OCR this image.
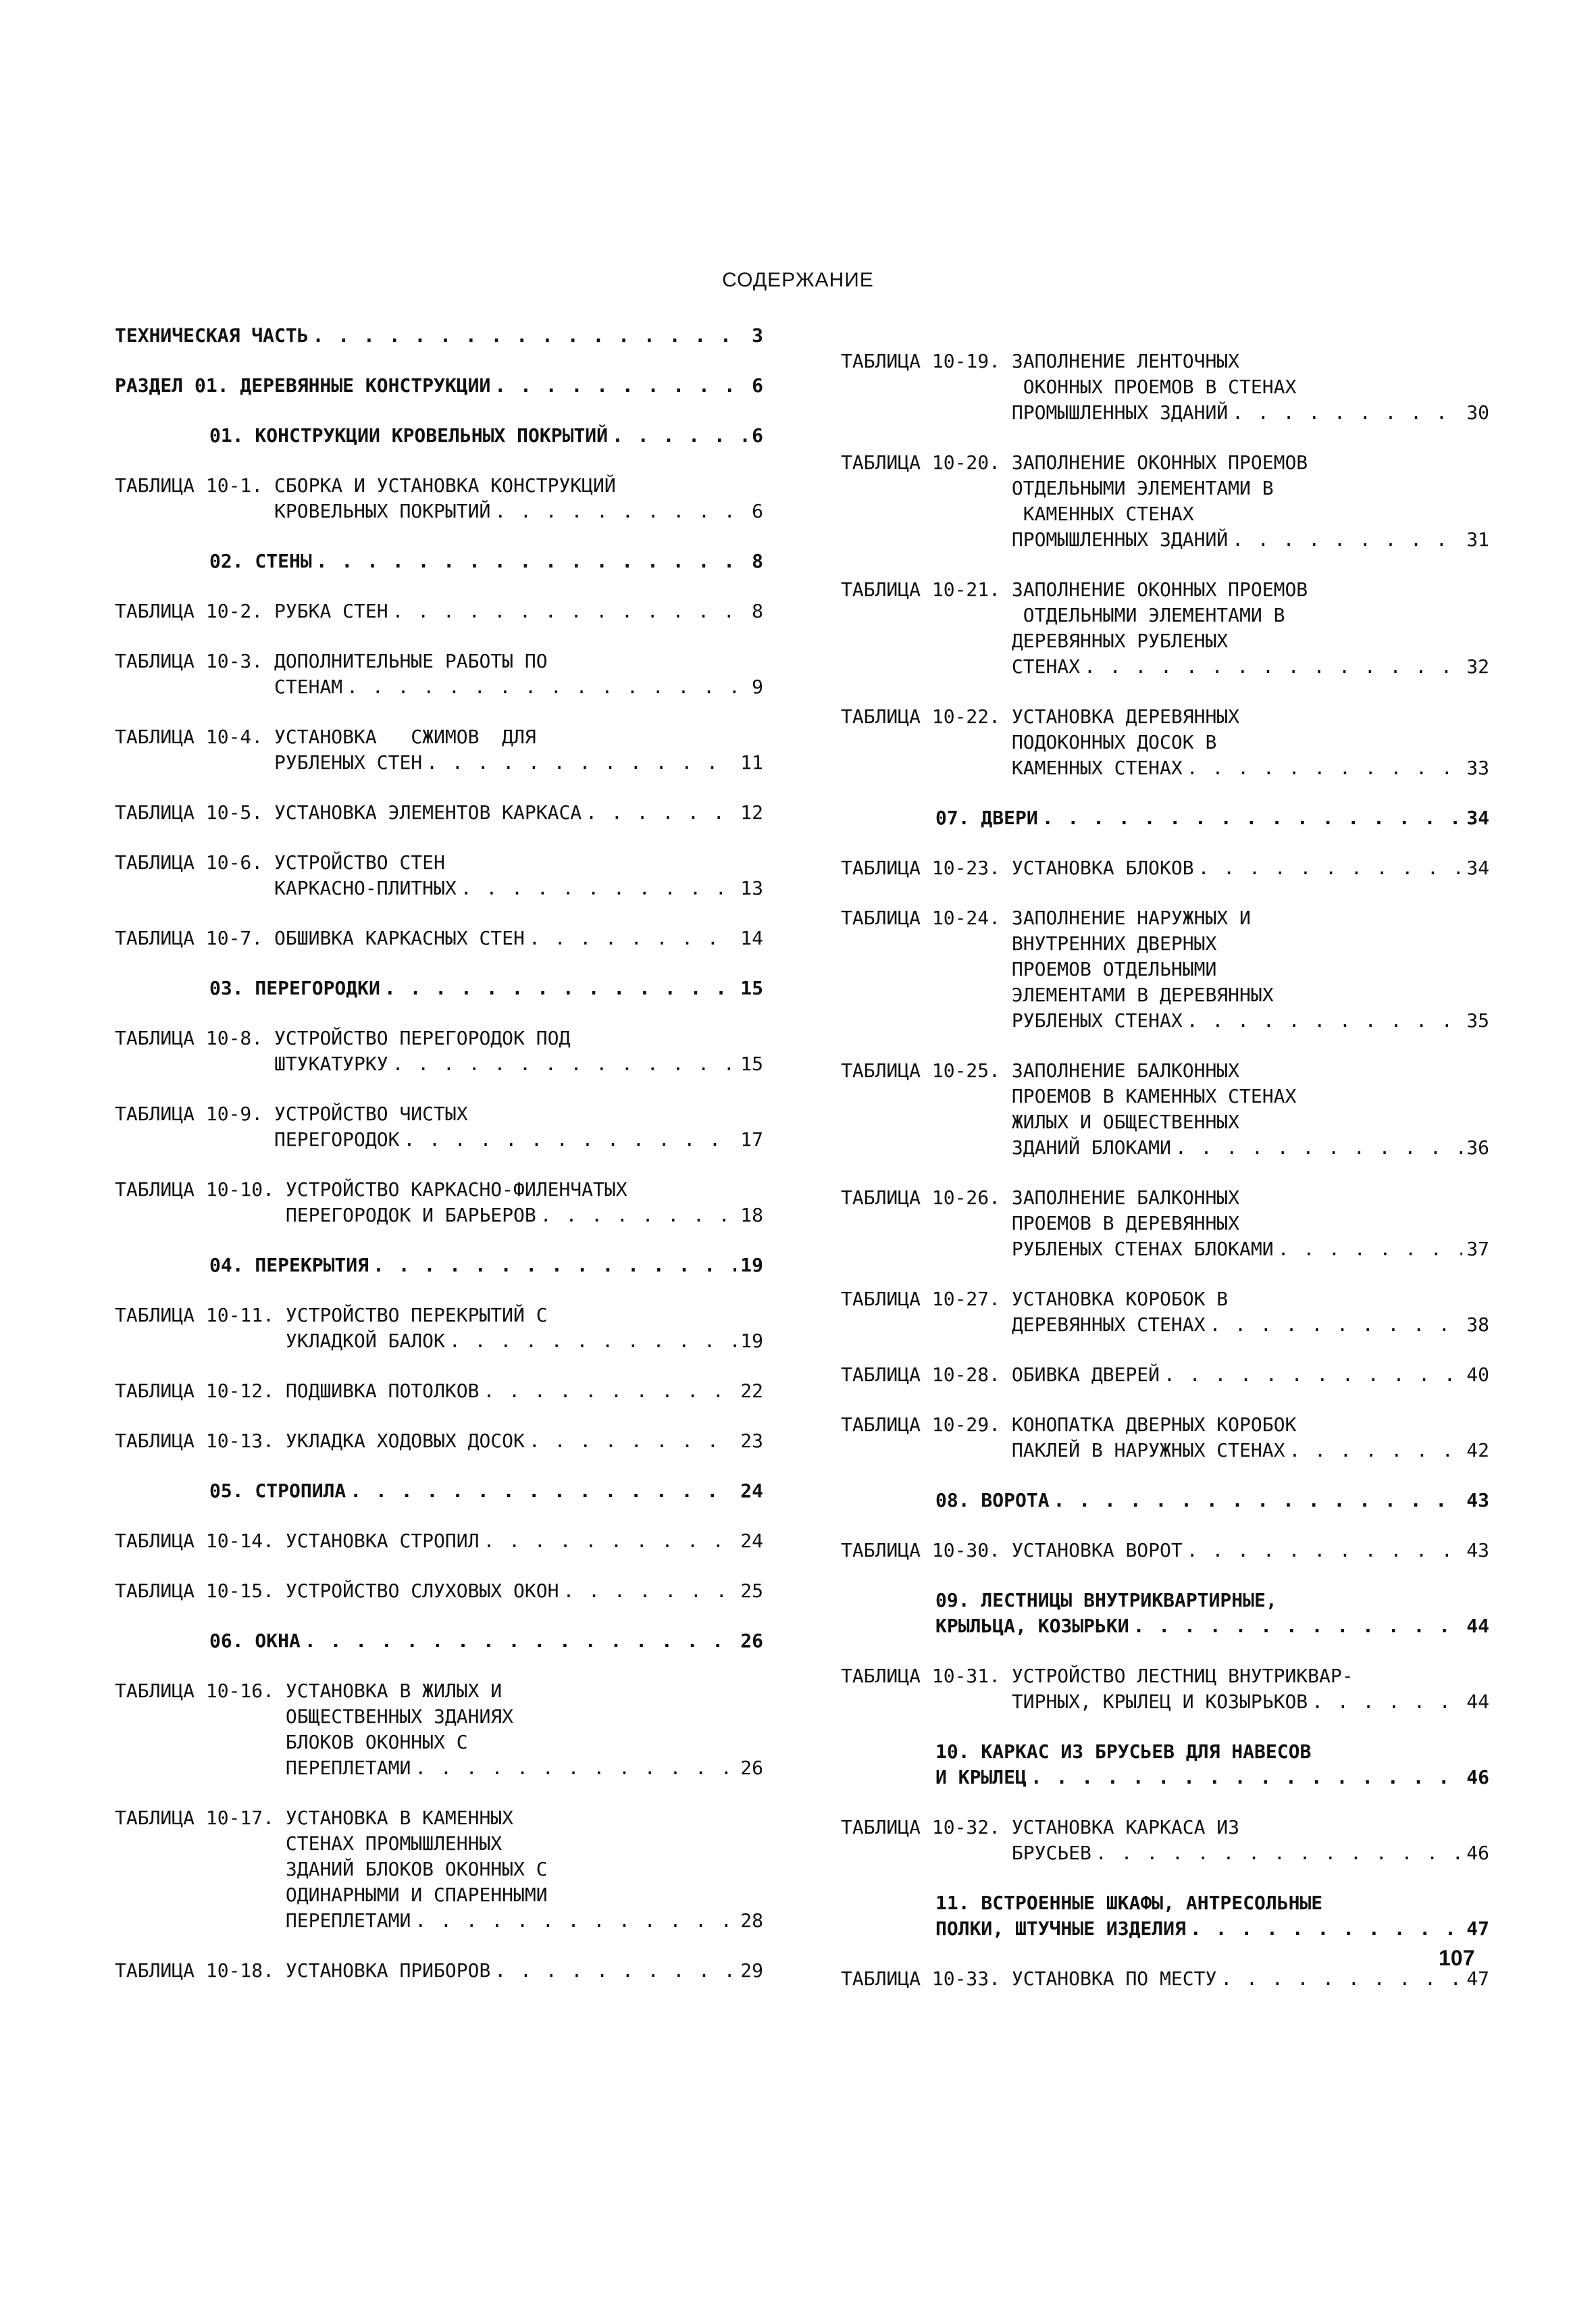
СОДЕРЖАНИЕ
ТЕХНИЧЕСКАЯ ЧАСТЬ . . .	3
РАЗДЕЛ 01. ДЕРЕВЯННЫЕ КОНСТРУКЦИИ . . .	6
01. КОНСТРУКЦИИ КРОВЕЛЬНЫХ ПОКРЫТИЙ . . .	6
ТАБЛИЦА 10-1. СБОРКА И УСТАНОВКА КОНСТРУКЦИЙ
КРОВЕЛЬНЫХ ПОКРЫТИЙ . . .	6
02. СТЕНЫ . . .	8
ТАБЛИЦА 10-2. РУБКА СТЕН . . .	8
ТАБЛИЦА 10-3. ДОПОЛНИТЕЛЬНЫЕ РАБОТЫ ПО
СТЕНАМ . . .	9
ТАБЛИЦА 10-4. УСТАНОВКА   СЖИМОВ  ДЛЯ
РУБЛЕНЫХ СТЕН . . .	11
ТАБЛИЦА 10-5. УСТАНОВКА ЭЛЕМЕНТОВ КАРКАСА . . .	12
ТАБЛИЦА 10-6. УСТРОЙСТВО СТЕН
КАРКАСНО-ПЛИТНЫХ . . .	13
ТАБЛИЦА 10-7. ОБШИВКА КАРКАСНЫХ СТЕН . . .	14
03. ПЕРЕГОРОДКИ . . .	15
ТАБЛИЦА 10-8. УСТРОЙСТВО ПЕРЕГОРОДОК ПОД
ШТУКАТУРКУ . . .	15
ТАБЛИЦА 10-9. УСТРОЙСТВО ЧИСТЫХ
ПЕРЕГОРОДОК . . .	17
ТАБЛИЦА 10-10. УСТРОЙСТВО КАРКАСНО-ФИЛЕНЧАТЫХ
ПЕРЕГОРОДОК И БАРЬЕРОВ . . .	18
04. ПЕРЕКРЫТИЯ . . .	19
ТАБЛИЦА 10-11. УСТРОЙСТВО ПЕРЕКРЫТИЙ С
УКЛАДКОЙ БАЛОК . . .	19
ТАБЛИЦА 10-12. ПОДШИВКА ПОТОЛКОВ . . .	22
ТАБЛИЦА 10-13. УКЛАДКА ХОДОВЫХ ДОСОК . . .	23
05. СТРОПИЛА . . .	24
ТАБЛИЦА 10-14. УСТАНОВКА СТРОПИЛ . . .	24
ТАБЛИЦА 10-15. УСТРОЙСТВО СЛУХОВЫХ ОКОН . . .	25
06. ОКНА . . .	26
ТАБЛИЦА 10-16. УСТАНОВКА В ЖИЛЫХ И
ОБЩЕСТВЕННЫХ ЗДАНИЯХ
БЛОКОВ ОКОННЫХ С
ПЕРЕПЛЕТАМИ . . .	26
ТАБЛИЦА 10-17. УСТАНОВКА В КАМЕННЫХ
СТЕНАХ ПРОМЫШЛЕННЫХ
ЗДАНИЙ БЛОКОВ ОКОННЫХ С
ОДИНАРНЫМИ И СПАРЕННЫМИ
ПЕРЕПЛЕТАМИ . . .	28
ТАБЛИЦА 10-18. УСТАНОВКА ПРИБОРОВ . . .	29
ТАБЛИЦА 10-19. ЗАПОЛНЕНИЕ ЛЕНТОЧНЫХ
ОКОННЫХ ПРОЕМОВ В СТЕНАХ
ПРОМЫШЛЕННЫХ ЗДАНИЙ . . .	30
ТАБЛИЦА 10-20. ЗАПОЛНЕНИЕ ОКОННЫХ ПРОЕМОВ
ОТДЕЛЬНЫМИ ЭЛЕМЕНТАМИ В
КАМЕННЫХ СТЕНАХ
ПРОМЫШЛЕННЫХ ЗДАНИЙ . . .	31
ТАБЛИЦА 10-21. ЗАПОЛНЕНИЕ ОКОННЫХ ПРОЕМОВ
ОТДЕЛЬНЫМИ ЭЛЕМЕНТАМИ В
ДЕРЕВЯННЫХ РУБЛЕНЫХ
СТЕНАХ . . .	32
ТАБЛИЦА 10-22. УСТАНОВКА ДЕРЕВЯННЫХ
ПОДОКОННЫХ ДОСОК В
КАМЕННЫХ СТЕНАХ . . .	33
07. ДВЕРИ . . .	34
ТАБЛИЦА 10-23. УСТАНОВКА БЛОКОВ . . .	34
ТАБЛИЦА 10-24. ЗАПОЛНЕНИЕ НАРУЖНЫХ И
ВНУТРЕННИХ ДВЕРНЫХ
ПРОЕМОВ ОТДЕЛЬНЫМИ
ЭЛЕМЕНТАМИ В ДЕРЕВЯННЫХ
РУБЛЕНЫХ СТЕНАХ . . .	35
ТАБЛИЦА 10-25. ЗАПОЛНЕНИЕ БАЛКОННЫХ
ПРОЕМОВ В КАМЕННЫХ СТЕНАХ
ЖИЛЫХ И ОБЩЕСТВЕННЫХ
ЗДАНИЙ БЛОКАМИ . . .	36
ТАБЛИЦА 10-26. ЗАПОЛНЕНИЕ БАЛКОННЫХ
ПРОЕМОВ В ДЕРЕВЯННЫХ
РУБЛЕНЫХ СТЕНАХ БЛОКАМИ . . .	37
ТАБЛИЦА 10-27. УСТАНОВКА КОРОБОК В
ДЕРЕВЯННЫХ СТЕНАХ . . .	38
ТАБЛИЦА 10-28. ОБИВКА ДВЕРЕЙ . . .	40
ТАБЛИЦА 10-29. КОНОПАТКА ДВЕРНЫХ КОРОБОК
ПАКЛЕЙ В НАРУЖНЫХ СТЕНАХ . . .	42
08. ВОРОТА . . .	43
ТАБЛИЦА 10-30. УСТАНОВКА ВОРОТ . . .	43
09. ЛЕСТНИЦЫ ВНУТРИКВАРТИРНЫЕ,
КРЫЛЬЦА, КОЗЫРЬКИ . . .	44
ТАБЛИЦА 10-31. УСТРОЙСТВО ЛЕСТНИЦ ВНУТРИКВАР-
ТИРНЫХ, КРЫЛЕЦ И КОЗЫРЬКОВ . . .	44
10. КАРКАС ИЗ БРУСЬЕВ ДЛЯ НАВЕСОВ
И КРЫЛЕЦ . . .	46
ТАБЛИЦА 10-32. УСТАНОВКА КАРКАСА ИЗ
БРУСЬЕВ . . .	46
11. ВСТРОЕННЫЕ ШКАФЫ, АНТРЕСОЛЬНЫЕ
ПОЛКИ, ШТУЧНЫЕ ИЗДЕЛИЯ . . .	47
ТАБЛИЦА 10-33. УСТАНОВКА ПО МЕСТУ . . .	47
107
